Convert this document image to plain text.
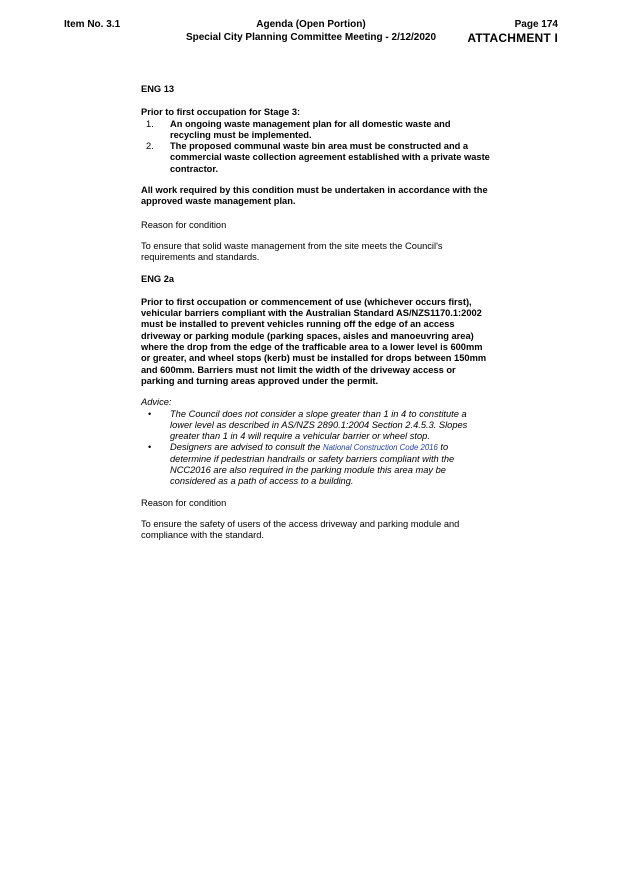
Item No. 3.1	Agenda (Open Portion)
Special City Planning Committee Meeting - 2/12/2020
Page 174
ATTACHMENT I

ENG 13

Prior to first occupation for Stage 3:

1. An ongoing waste management plan for all domestic waste and recycling must be implemented.
2. The proposed communal waste bin area must be constructed and a commercial waste collection agreement established with a private waste contractor.

All work required by this condition must be undertaken in accordance with the approved waste management plan.

Reason for condition

To ensure that solid waste management from the site meets the Council's requirements and standards.

ENG 2a

Prior to first occupation or commencement of use (whichever occurs first), vehicular barriers compliant with the Australian Standard AS/NZS1170.1:2002 must be installed to prevent vehicles running off the edge of an access driveway or parking module (parking spaces, aisles and manoeuvring area) where the drop from the edge of the trafficable area to a lower level is 600mm or greater, and wheel stops (kerb) must be installed for drops between 150mm and 600mm. Barriers must not limit the width of the driveway access or parking and turning areas approved under the permit.

Advice:

• The Council does not consider a slope greater than 1 in 4 to constitute a lower level as described in AS/NZS 2890.1:2004 Section 2.4.5.3. Slopes greater than 1 in 4 will require a vehicular barrier or wheel stop.
• Designers are advised to consult the National Construction Code 2016 to determine if pedestrian handrails or safety barriers compliant with the NCC2016 are also required in the parking module this area may be considered as a path of access to a building.

Reason for condition

To ensure the safety of users of the access driveway and parking module and compliance with the standard.
